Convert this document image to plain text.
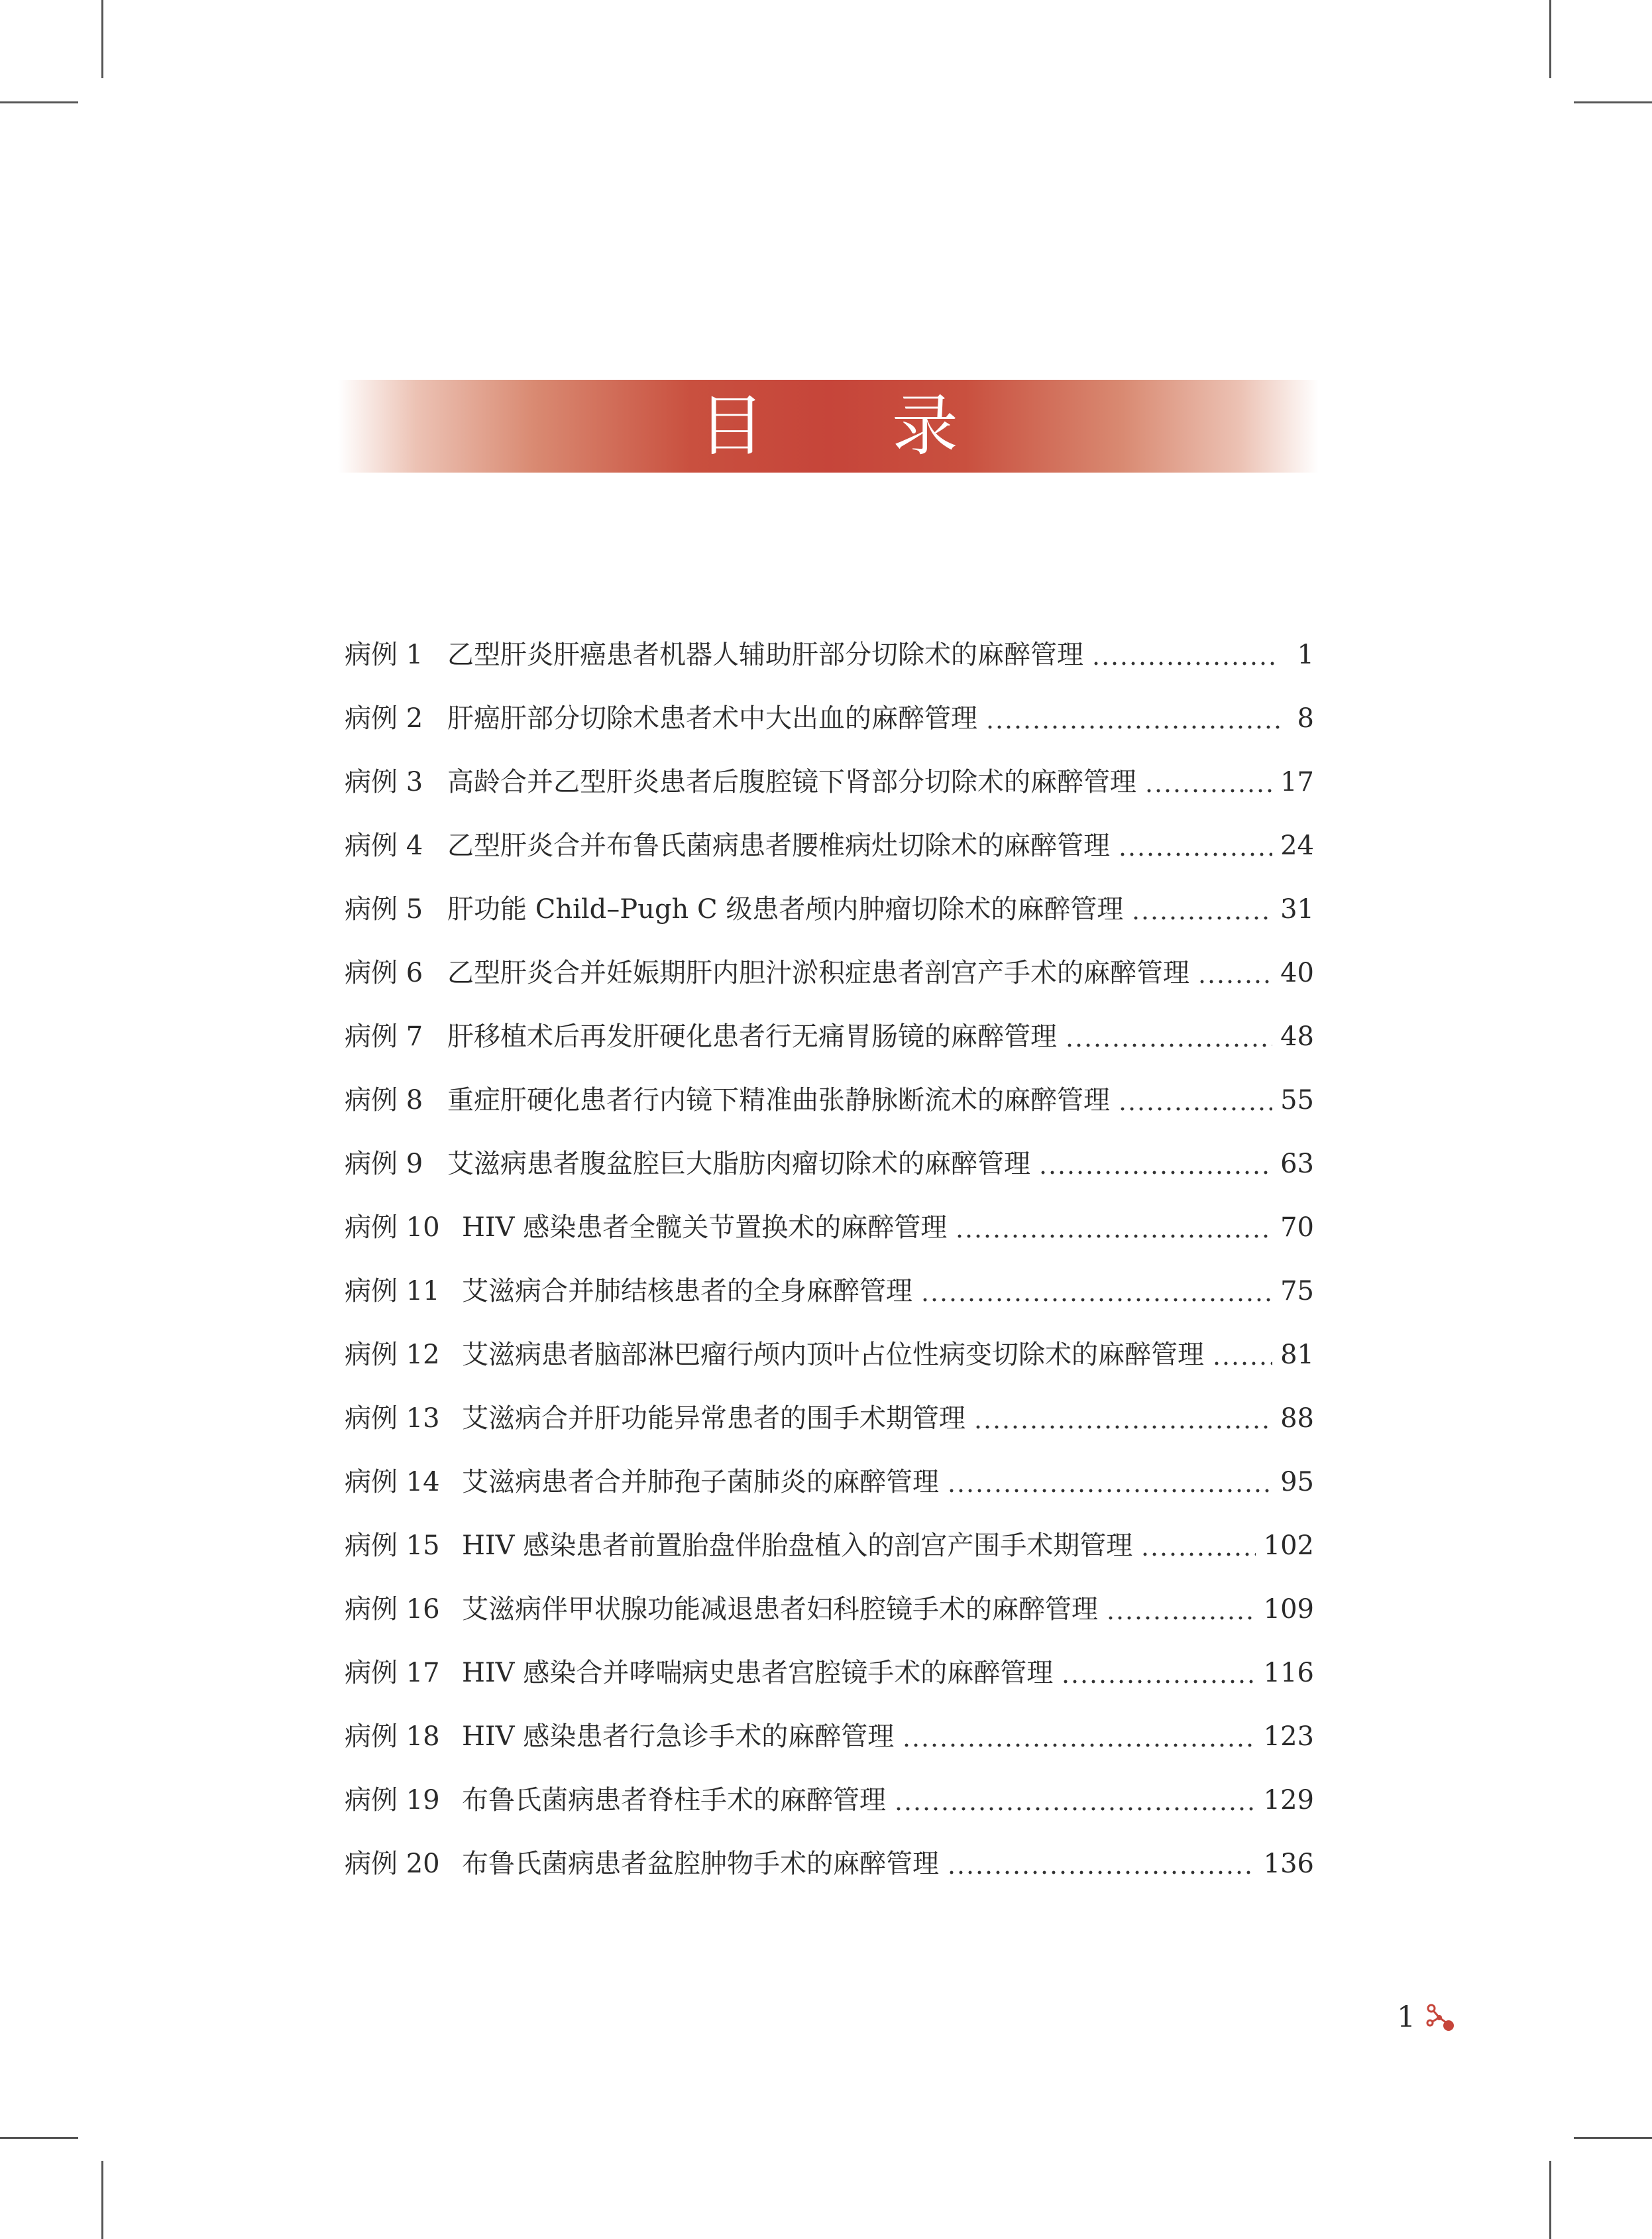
目 录
病例 1 乙型肝炎肝癌患者机器人辅助肝部分切除术的麻醉管理	1
病例 2 肝癌肝部分切除术患者术中大出血的麻醉管理	8
病例 3 高龄合并乙型肝炎患者后腹腔镜下肾部分切除术的麻醉管理	17
病例 4 乙型肝炎合并布鲁氏菌病患者腰椎病灶切除术的麻醉管理	24
病例 5 肝功能 Child–Pugh C 级患者颅内肿瘤切除术的麻醉管理	31
病例 6 乙型肝炎合并妊娠期肝内胆汁淤积症患者剖宫产手术的麻醉管理	40
病例 7 肝移植术后再发肝硬化患者行无痛胃肠镜的麻醉管理	48
病例 8 重症肝硬化患者行内镜下精准曲张静脉断流术的麻醉管理	55
病例 9 艾滋病患者腹盆腔巨大脂肪肉瘤切除术的麻醉管理	63
病例 10 HIV 感染患者全髋关节置换术的麻醉管理	70
病例 11 艾滋病合并肺结核患者的全身麻醉管理	75
病例 12 艾滋病患者脑部淋巴瘤行颅内顶叶占位性病变切除术的麻醉管理	81
病例 13 艾滋病合并肝功能异常患者的围手术期管理	88
病例 14 艾滋病患者合并肺孢子菌肺炎的麻醉管理	95
病例 15 HIV 感染患者前置胎盘伴胎盘植入的剖宫产围手术期管理	102
病例 16 艾滋病伴甲状腺功能减退患者妇科腔镜手术的麻醉管理	109
病例 17 HIV 感染合并哮喘病史患者宫腔镜手术的麻醉管理	116
病例 18 HIV 感染患者行急诊手术的麻醉管理	123
病例 19 布鲁氏菌病患者脊柱手术的麻醉管理	129
病例 20 布鲁氏菌病患者盆腔肿物手术的麻醉管理	136
1
